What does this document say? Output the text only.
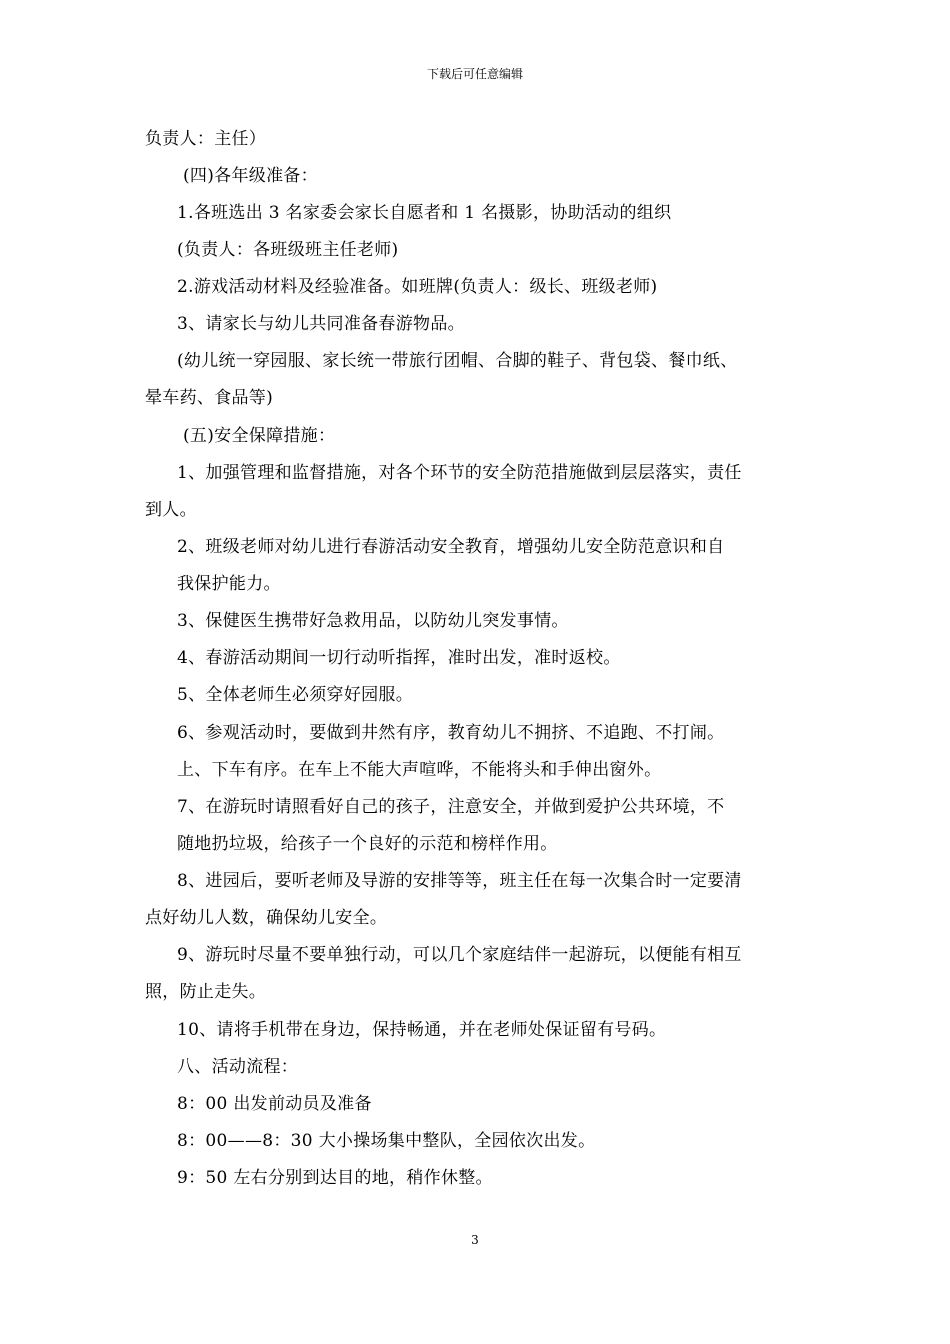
下载后可任意编辑
负责人：主任）
(四)各年级准备：
1.各班选出 3 名家委会家长自愿者和 1 名摄影，协助活动的组织
(负责人：各班级班主任老师)
2.游戏活动材料及经验准备。如班牌(负责人：级长、班级老师)
3、请家长与幼儿共同准备春游物品。
(幼儿统一穿园服、家长统一带旅行团帽、合脚的鞋子、背包袋、餐巾纸、
晕车药、食品等)
(五)安全保障措施：
1、加强管理和监督措施，对各个环节的安全防范措施做到层层落实，责任
到人。
2、班级老师对幼儿进行春游活动安全教育，增强幼儿安全防范意识和自
我保护能力。
3、保健医生携带好急救用品，以防幼儿突发事情。
4、春游活动期间一切行动听指挥，准时出发，准时返校。
5、全体老师生必须穿好园服。
6、参观活动时，要做到井然有序，教育幼儿不拥挤、不追跑、不打闹。
上、下车有序。在车上不能大声喧哗，不能将头和手伸出窗外。
7、在游玩时请照看好自己的孩子，注意安全，并做到爱护公共环境，不
随地扔垃圾，给孩子一个良好的示范和榜样作用。
8、进园后，要听老师及导游的安排等等，班主任在每一次集合时一定要清
点好幼儿人数，确保幼儿安全。
9、游玩时尽量不要单独行动，可以几个家庭结伴一起游玩，以便能有相互
照，防止走失。
10、请将手机带在身边，保持畅通，并在老师处保证留有号码。
八、活动流程：
8：00 出发前动员及准备
8：00——8：30 大小操场集中整队，全园依次出发。
9：50 左右分别到达目的地，稍作休整。
3
